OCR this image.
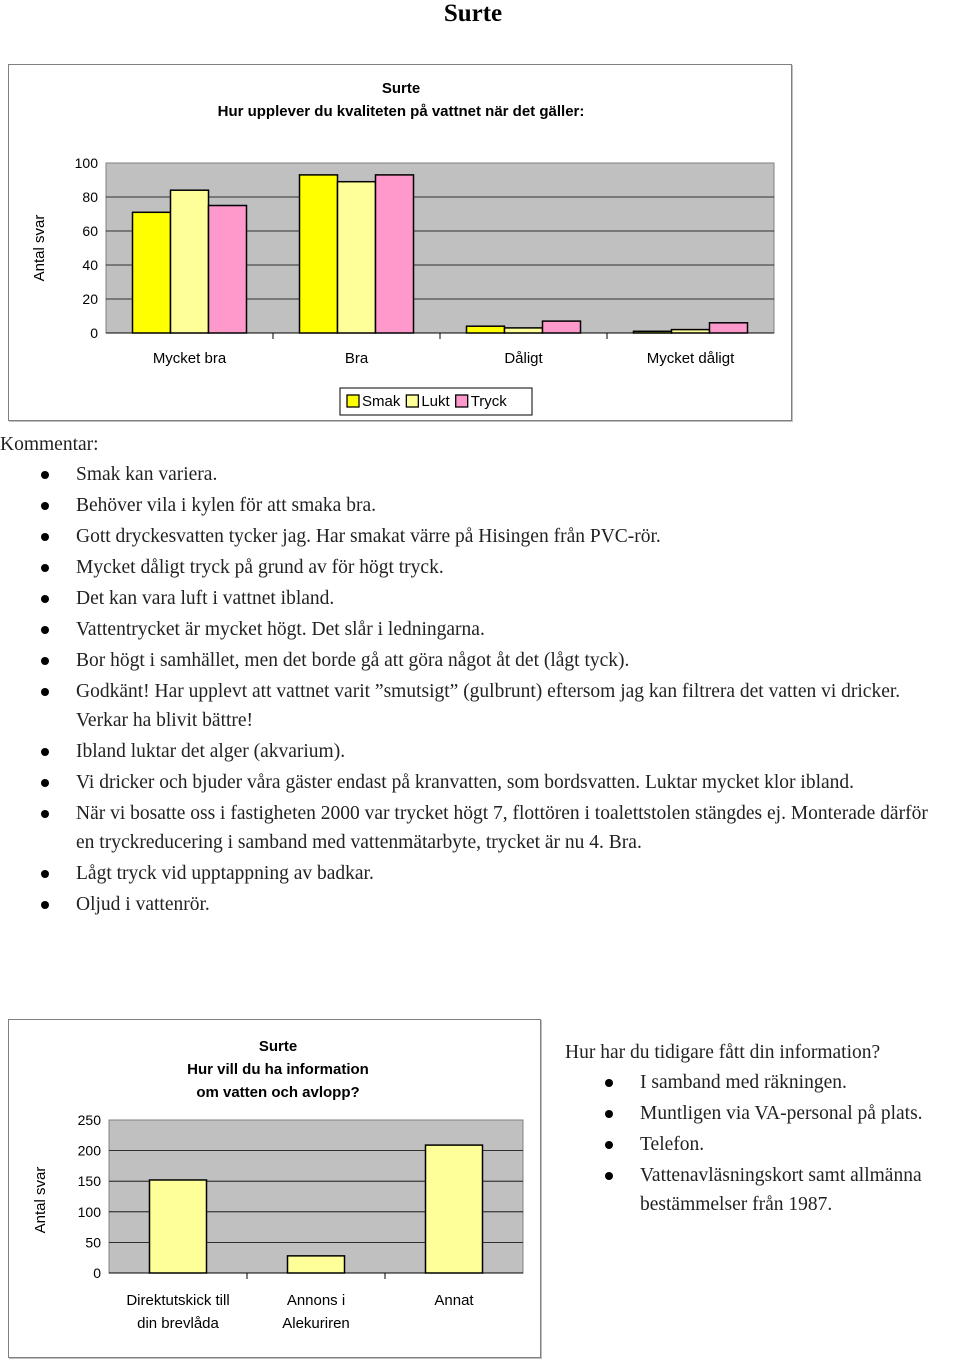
Surte
Surte
Hur upplever du kvaliteten på vattnet när det gäller:
0
20
40
60
80
100
Antal svar
Mycket bra	Bra	Dåligt	Mycket dåligt
Smak Lukt Tryck

Kommentar:

Smak kan variera.
Behöver vila i kylen för att smaka bra.
Gott dryckesvatten tycker jag. Har smakat värre på Hisingen från PVC-rör.
Mycket dåligt tryck på grund av för högt tryck.
Det kan vara luft i vattnet ibland.
Vattentrycket är mycket högt. Det slår i ledningarna.
Bor högt i samhället, men det borde gå att göra något åt det (lågt tyck).
Godkänt! Har upplevt att vattnet varit ”smutsigt” (gulbrunt) eftersom jag kan filtrera det vatten vi dricker. Verkar ha blivit bättre!
Ibland luktar det alger (akvarium).
Vi dricker och bjuder våra gäster endast på kranvatten, som bordsvatten. Luktar mycket klor ibland.
När vi bosatte oss i fastigheten 2000 var trycket högt 7, flottören i toalettstolen stängdes ej. Monterade därför en tryckreducering i samband med vattenmätarbyte, trycket är nu 4. Bra.
Lågt tryck vid upptappning av badkar.
Oljud i vattenrör.
Surte
Hur vill du ha information
om vatten och avlopp?
0
50
100
150
200
250
Antal svar
Direktutskick till
din brevlåda
Annons i
Alekuriren
Annat

Hur har du tidigare fått din information?

I samband med räkningen.
Muntligen via VA-personal på plats.
Telefon.
Vattenavläsningskort samt allmänna bestämmelser från 1987.
